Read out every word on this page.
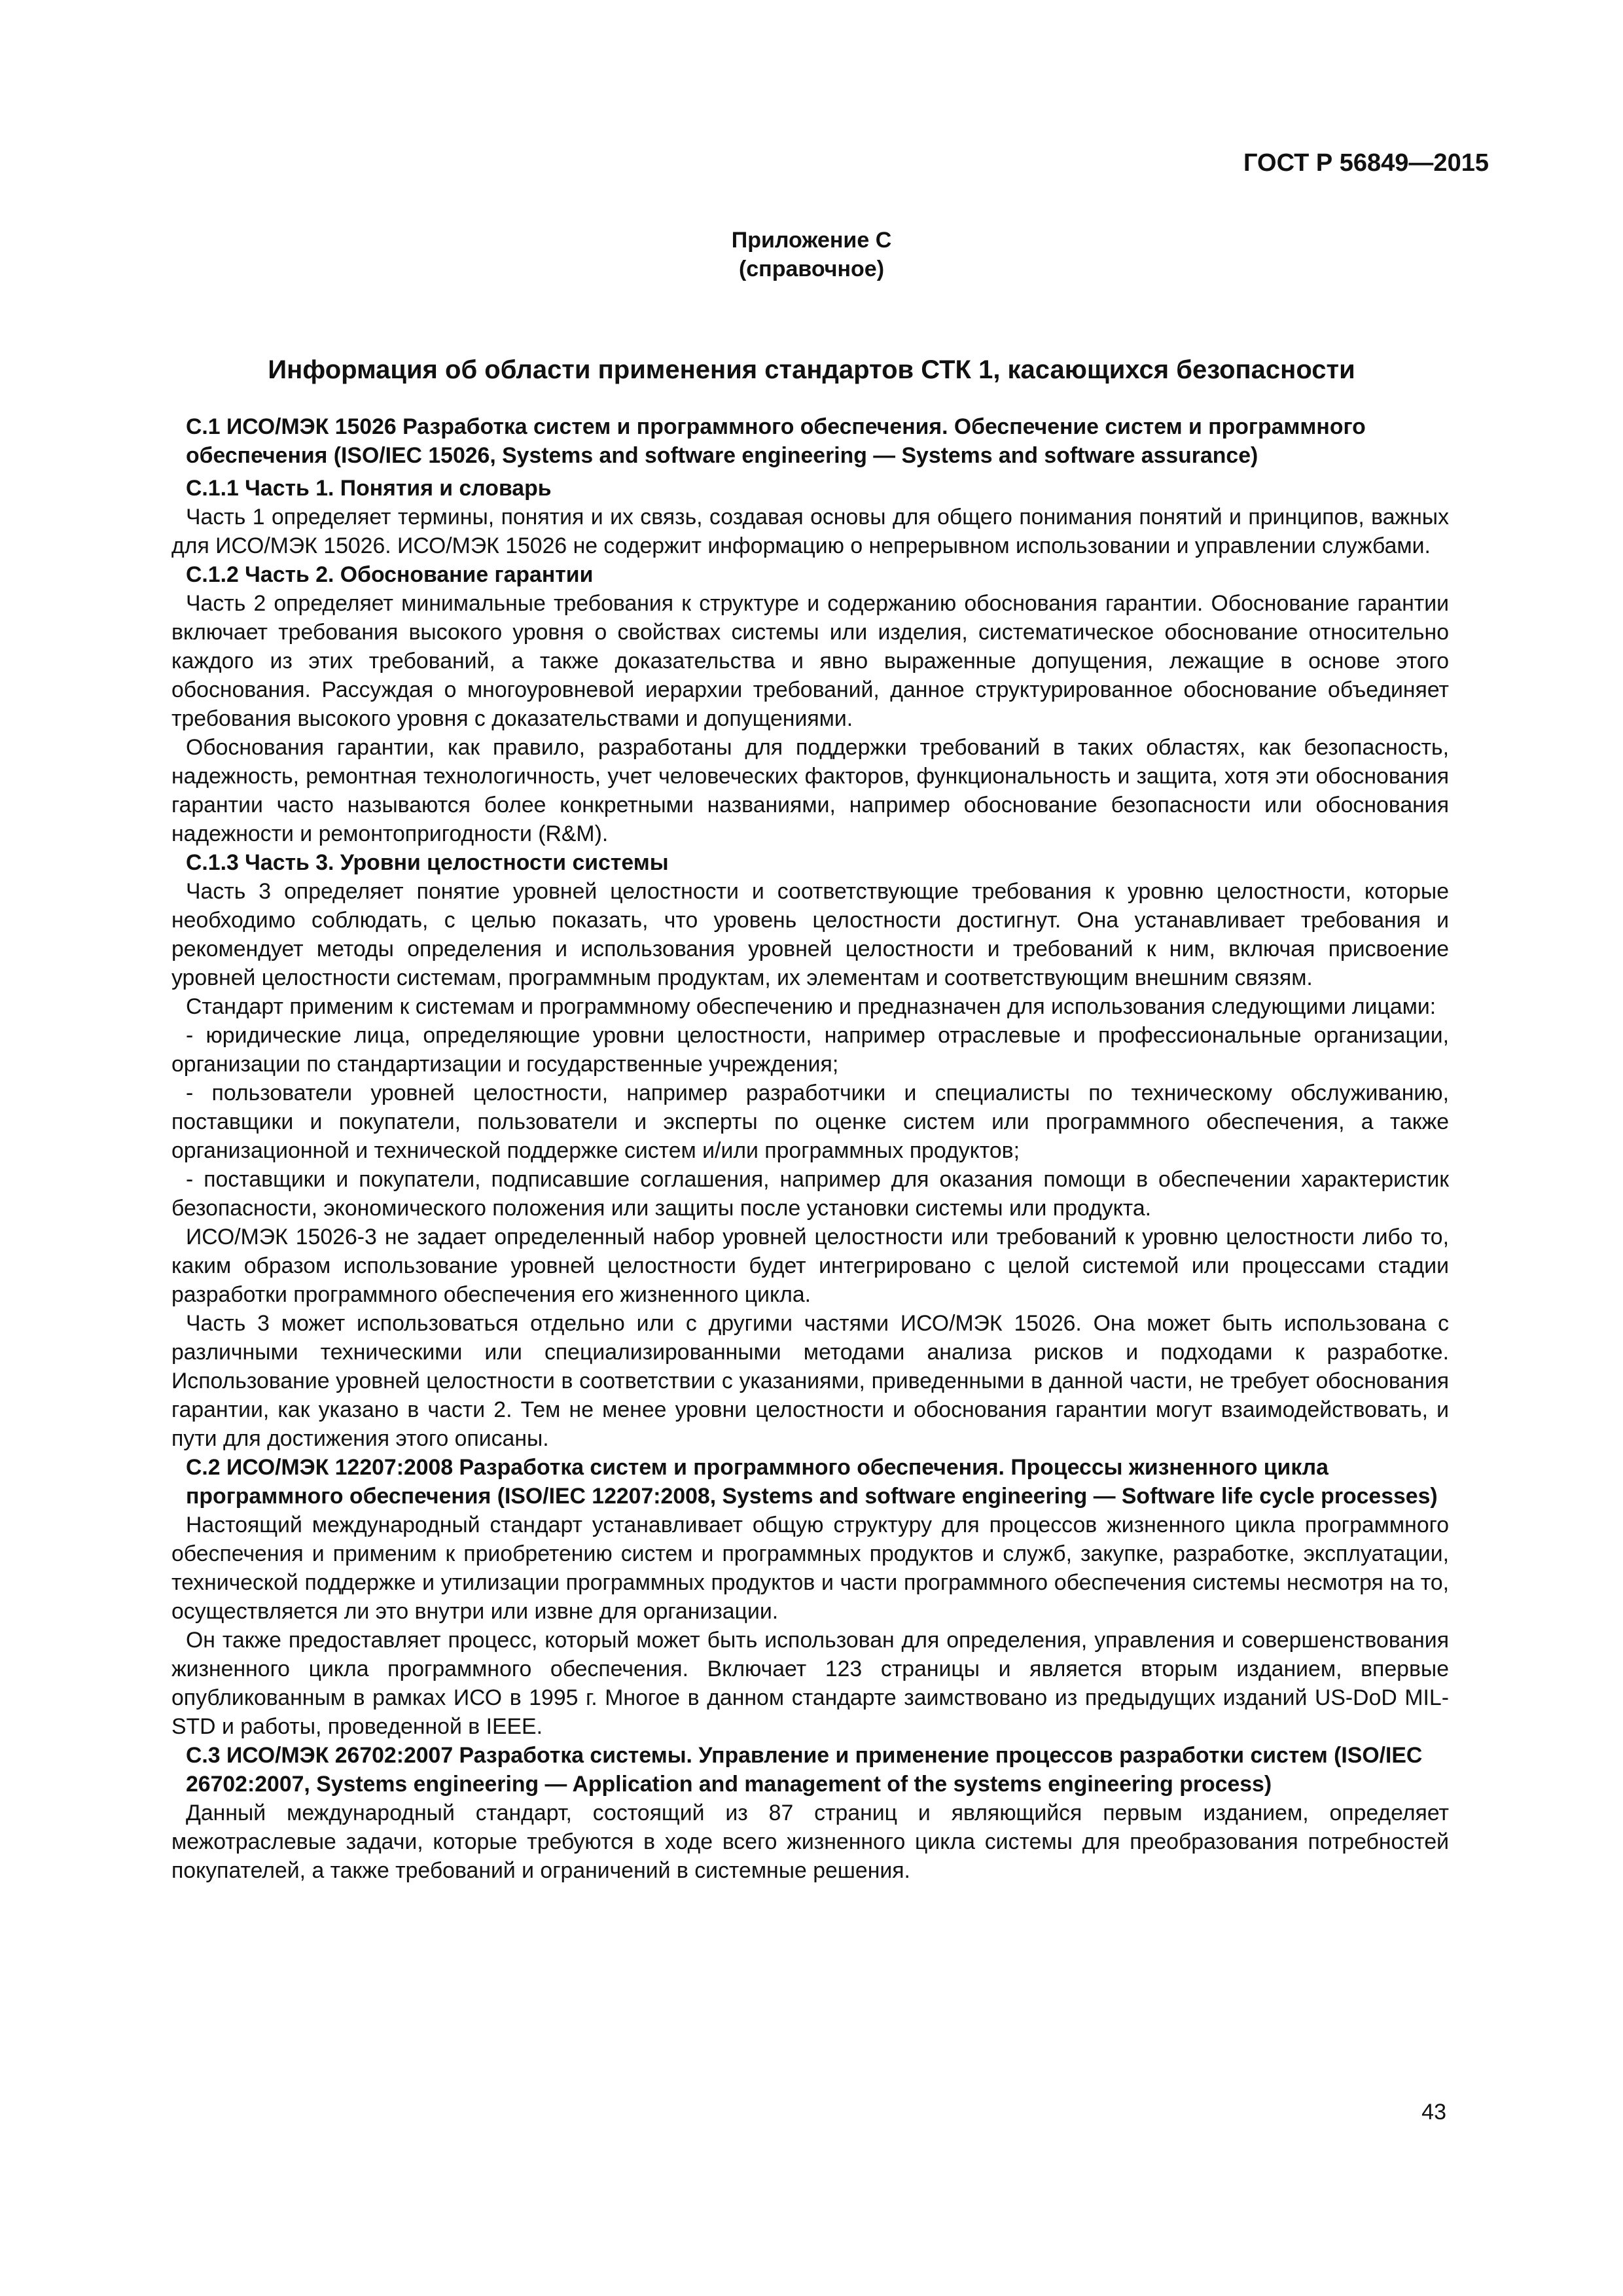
ГОСТ Р 56849—2015
Приложение С
(справочное)
Информация об области применения стандартов СТК 1, касающихся безопасности

С.1 ИСО/МЭК 15026 Разработка систем и программного обеспечения. Обеспечение систем и программного обеспечения (ISO/IEC 15026, Systems and software engineering — Systems and software assurance)

С.1.1 Часть 1. Понятия и словарь

Часть 1 определяет термины, понятия и их связь, создавая основы для общего понимания понятий и принципов, важных для ИСО/МЭК 15026. ИСО/МЭК 15026 не содержит информацию о непрерывном использовании и управлении службами.

С.1.2 Часть 2. Обоснование гарантии

Часть 2 определяет минимальные требования к структуре и содержанию обоснования гарантии. Обоснование гарантии включает требования высокого уровня о свойствах системы или изделия, систематическое обоснование относительно каждого из этих требований, а также доказательства и явно выраженные допущения, лежащие в основе этого обоснования. Рассуждая о многоуровневой иерархии требований, данное структурированное обоснование объединяет требования высокого уровня с доказательствами и допущениями.

Обоснования гарантии, как правило, разработаны для поддержки требований в таких областях, как безопасность, надежность, ремонтная технологичность, учет человеческих факторов, функциональность и защита, хотя эти обоснования гарантии часто называются более конкретными названиями, например обоснование безопасности или обоснования надежности и ремонтопригодности (R&M).

С.1.3 Часть 3. Уровни целостности системы

Часть 3 определяет понятие уровней целостности и соответствующие требования к уровню целостности, которые необходимо соблюдать, с целью показать, что уровень целостности достигнут. Она устанавливает требования и рекомендует методы определения и использования уровней целостности и требований к ним, включая присвоение уровней целостности системам, программным продуктам, их элементам и соответствующим внешним связям.

Стандарт применим к системам и программному обеспечению и предназначен для использования следующими лицами:

- юридические лица, определяющие уровни целостности, например отраслевые и профессиональные организации, организации по стандартизации и государственные учреждения;

- пользователи уровней целостности, например разработчики и специалисты по техническому обслуживанию, поставщики и покупатели, пользователи и эксперты по оценке систем или программного обеспечения, а также организационной и технической поддержке систем и/или программных продуктов;

- поставщики и покупатели, подписавшие соглашения, например для оказания помощи в обеспечении характеристик безопасности, экономического положения или защиты после установки системы или продукта.

ИСО/МЭК 15026-3 не задает определенный набор уровней целостности или требований к уровню целостности либо то, каким образом использование уровней целостности будет интегрировано с целой системой или процессами стадии разработки программного обеспечения его жизненного цикла.

Часть 3 может использоваться отдельно или с другими частями ИСО/МЭК 15026. Она может быть использована с различными техническими или специализированными методами анализа рисков и подходами к разработке. Использование уровней целостности в соответствии с указаниями, приведенными в данной части, не требует обоснования гарантии, как указано в части 2. Тем не менее уровни целостности и обоснования гарантии могут взаимодействовать, и пути для достижения этого описаны.

С.2 ИСО/МЭК 12207:2008 Разработка систем и программного обеспечения. Процессы жизненного цикла программного обеспечения (ISO/IEC 12207:2008, Systems and software engineering — Software life cycle processes)

Настоящий международный стандарт устанавливает общую структуру для процессов жизненного цикла программного обеспечения и применим к приобретению систем и программных продуктов и служб, закупке, разработке, эксплуатации, технической поддержке и утилизации программных продуктов и части программного обеспечения системы несмотря на то, осуществляется ли это внутри или извне для организации.

Он также предоставляет процесс, который может быть использован для определения, управления и совершенствования жизненного цикла программного обеспечения. Включает 123 страницы и является вторым изданием, впервые опубликованным в рамках ИСО в 1995 г. Многое в данном стандарте заимствовано из предыдущих изданий US-DoD MIL-STD и работы, проведенной в IEEE.

С.3 ИСО/МЭК 26702:2007 Разработка системы. Управление и применение процессов разработки систем (ISO/IEC 26702:2007, Systems engineering — Application and management of the systems engineering process)

Данный международный стандарт, состоящий из 87 страниц и являющийся первым изданием, определяет межотраслевые задачи, которые требуются в ходе всего жизненного цикла системы для преобразования потребностей покупателей, а также требований и ограничений в системные решения.

43
